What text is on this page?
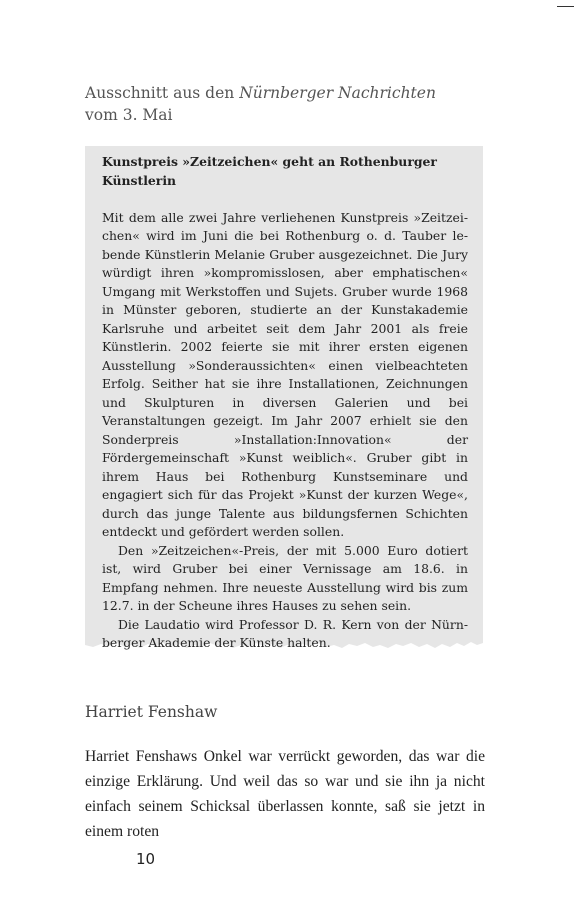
Ausschnitt aus den Nürnberger Nachrichten
vom 3. Mai

Kunstpreis »Zeitzeichen« geht an Rothenburger
Künstlerin

Mit dem alle zwei Jahre verliehenen Kunstpreis »Zeitzeichen« wird im Juni die bei Rothenburg o. d. Tauber lebende Künstlerin Melanie Gruber ausgezeichnet. Die Jury würdigt ihren »kompromisslosen, aber emphatischen« Umgang mit Werkstoffen und Sujets. Gruber wurde 1968 in Münster geboren, studierte an der Kunstakademie Karlsruhe und arbeitet seit dem Jahr 2001 als freie Künstlerin. 2002 feierte sie mit ihrer ersten eigenen Ausstellung »Sonderaussichten« einen vielbeachteten Erfolg. Seither hat sie ihre Installationen, Zeichnungen und Skulpturen in diversen Galerien und bei Veranstaltungen gezeigt. Im Jahr 2007 erhielt sie den Sonderpreis »Installation:Innovation« der Fördergemeinschaft »Kunst weiblich«. Gruber gibt in ihrem Haus bei Rothenburg Kunstseminare und engagiert sich für das Projekt »Kunst der kurzen Wege«, durch das junge Talente aus bildungsfernen Schichten entdeckt und gefördert werden sollen.

Den »Zeitzeichen«-Preis, der mit 5.000 Euro dotiert ist, wird Gruber bei einer Vernissage am 18.6. in Empfang nehmen. Ihre neueste Ausstellung wird bis zum 12.7. in der Scheune ihres Hauses zu sehen sein.

Die Laudatio wird Professor D. R. Kern von der Nürnberger Akademie der Künste halten.

Harriet Fenshaw

Harriet Fenshaws Onkel war verrückt geworden, das war die einzige Erklärung. Und weil das so war und sie ihn ja nicht einfach seinem Schicksal überlassen konnte, saß sie jetzt in einem roten

10
